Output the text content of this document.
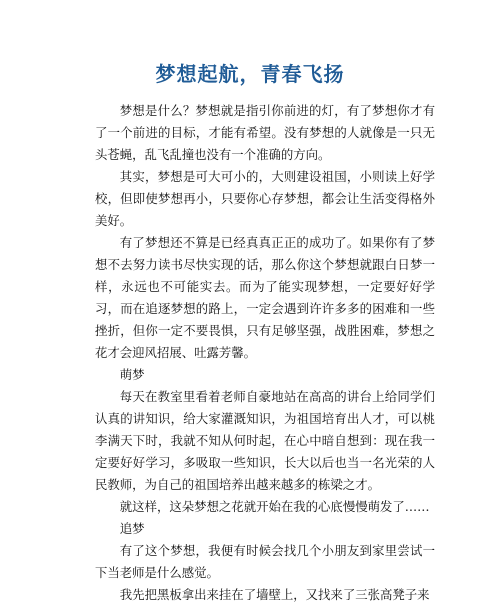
梦想起航，青春飞扬

梦想是什么？梦想就是指引你前进的灯，有了梦想你才有了一个前进的目标，才能有希望。没有梦想的人就像是一只无头苍蝇，乱飞乱撞也没有一个准确的方向。

其实，梦想是可大可小的，大则建设祖国，小则读上好学校，但即使梦想再小，只要你心存梦想，都会让生活变得格外美好。

有了梦想还不算是已经真真正正的成功了。如果你有了梦想不去努力读书尽快实现的话，那么你这个梦想就跟白日梦一样，永远也不可能实去。而为了能实现梦想，一定要好好学习，而在追逐梦想的路上，一定会遇到许许多多的困难和一些挫折，但你一定不要畏惧，只有足够坚强，战胜困难，梦想之花才会迎风招展、吐露芳馨。

萌梦

每天在教室里看着老师自豪地站在高高的讲台上给同学们认真的讲知识，给大家灌溉知识，为祖国培育出人才，可以桃李满天下时，我就不知从何时起，在心中暗自想到：现在我一定要好好学习，多吸取一些知识，长大以后也当一名光荣的人民教师，为自己的祖国培养出越来越多的栋梁之才。

就这样，这朵梦想之花就开始在我的心底慢慢萌发了……

追梦

有了这个梦想，我便有时候会找几个小朋友到家里尝试一下当老师是什么感觉。

我先把黑板拿出来挂在了墙壁上，又找来了三张高凳子来
